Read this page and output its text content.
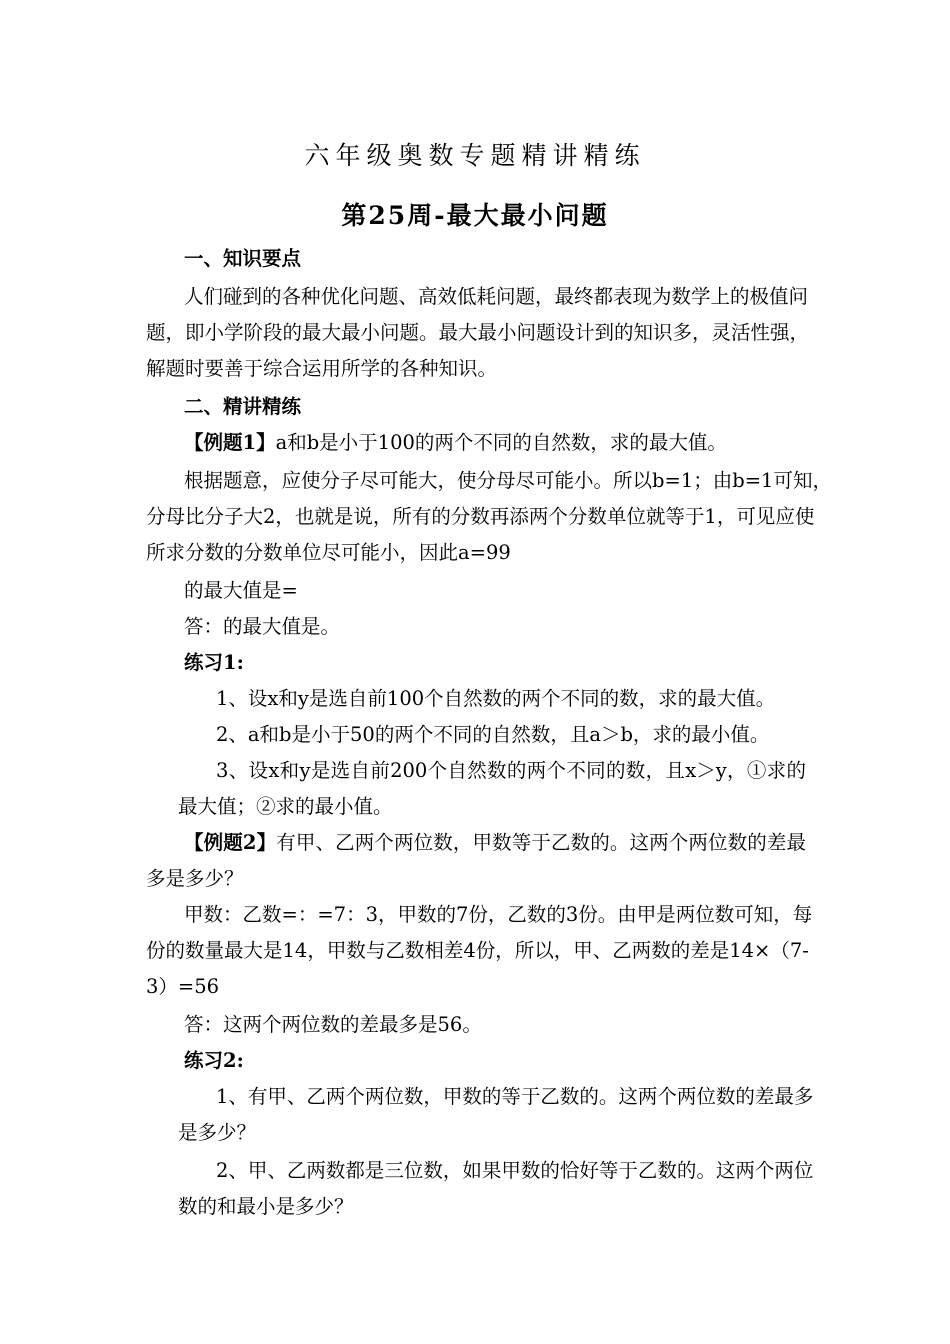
六年级奥数专题精讲精练
第25周-最大最小问题
一、知识要点
人们碰到的各种优化问题、高效低耗问题，最终都表现为数学上的极值问
题，即小学阶段的最大最小问题。最大最小问题设计到的知识多，灵活性强，
解题时要善于综合运用所学的各种知识。
二、精讲精练
【例题1】a和b是小于100的两个不同的自然数，求的最大值。
根据题意，应使分子尽可能大，使分母尽可能小。所以b=1；由b=1可知，
分母比分子大2，也就是说，所有的分数再添两个分数单位就等于1，可见应使
所求分数的分数单位尽可能小，因此a=99
的最大值是=
答：的最大值是。
练习1:
1、设x和y是选自前100个自然数的两个不同的数，求的最大值。
2、a和b是小于50的两个不同的自然数，且a＞b，求的最小值。
3、设x和y是选自前200个自然数的两个不同的数，且x＞y，①求的
最大值；②求的最小值。
【例题2】有甲、乙两个两位数，甲数等于乙数的。这两个两位数的差最
多是多少？
甲数：乙数=：=7：3，甲数的7份，乙数的3份。由甲是两位数可知，每
份的数量最大是14，甲数与乙数相差4份，所以，甲、乙两数的差是14×（7-
3）=56
答：这两个两位数的差最多是56。
练习2:
1、有甲、乙两个两位数，甲数的等于乙数的。这两个两位数的差最多
是多少？
2、甲、乙两数都是三位数，如果甲数的恰好等于乙数的。这两个两位
数的和最小是多少？
